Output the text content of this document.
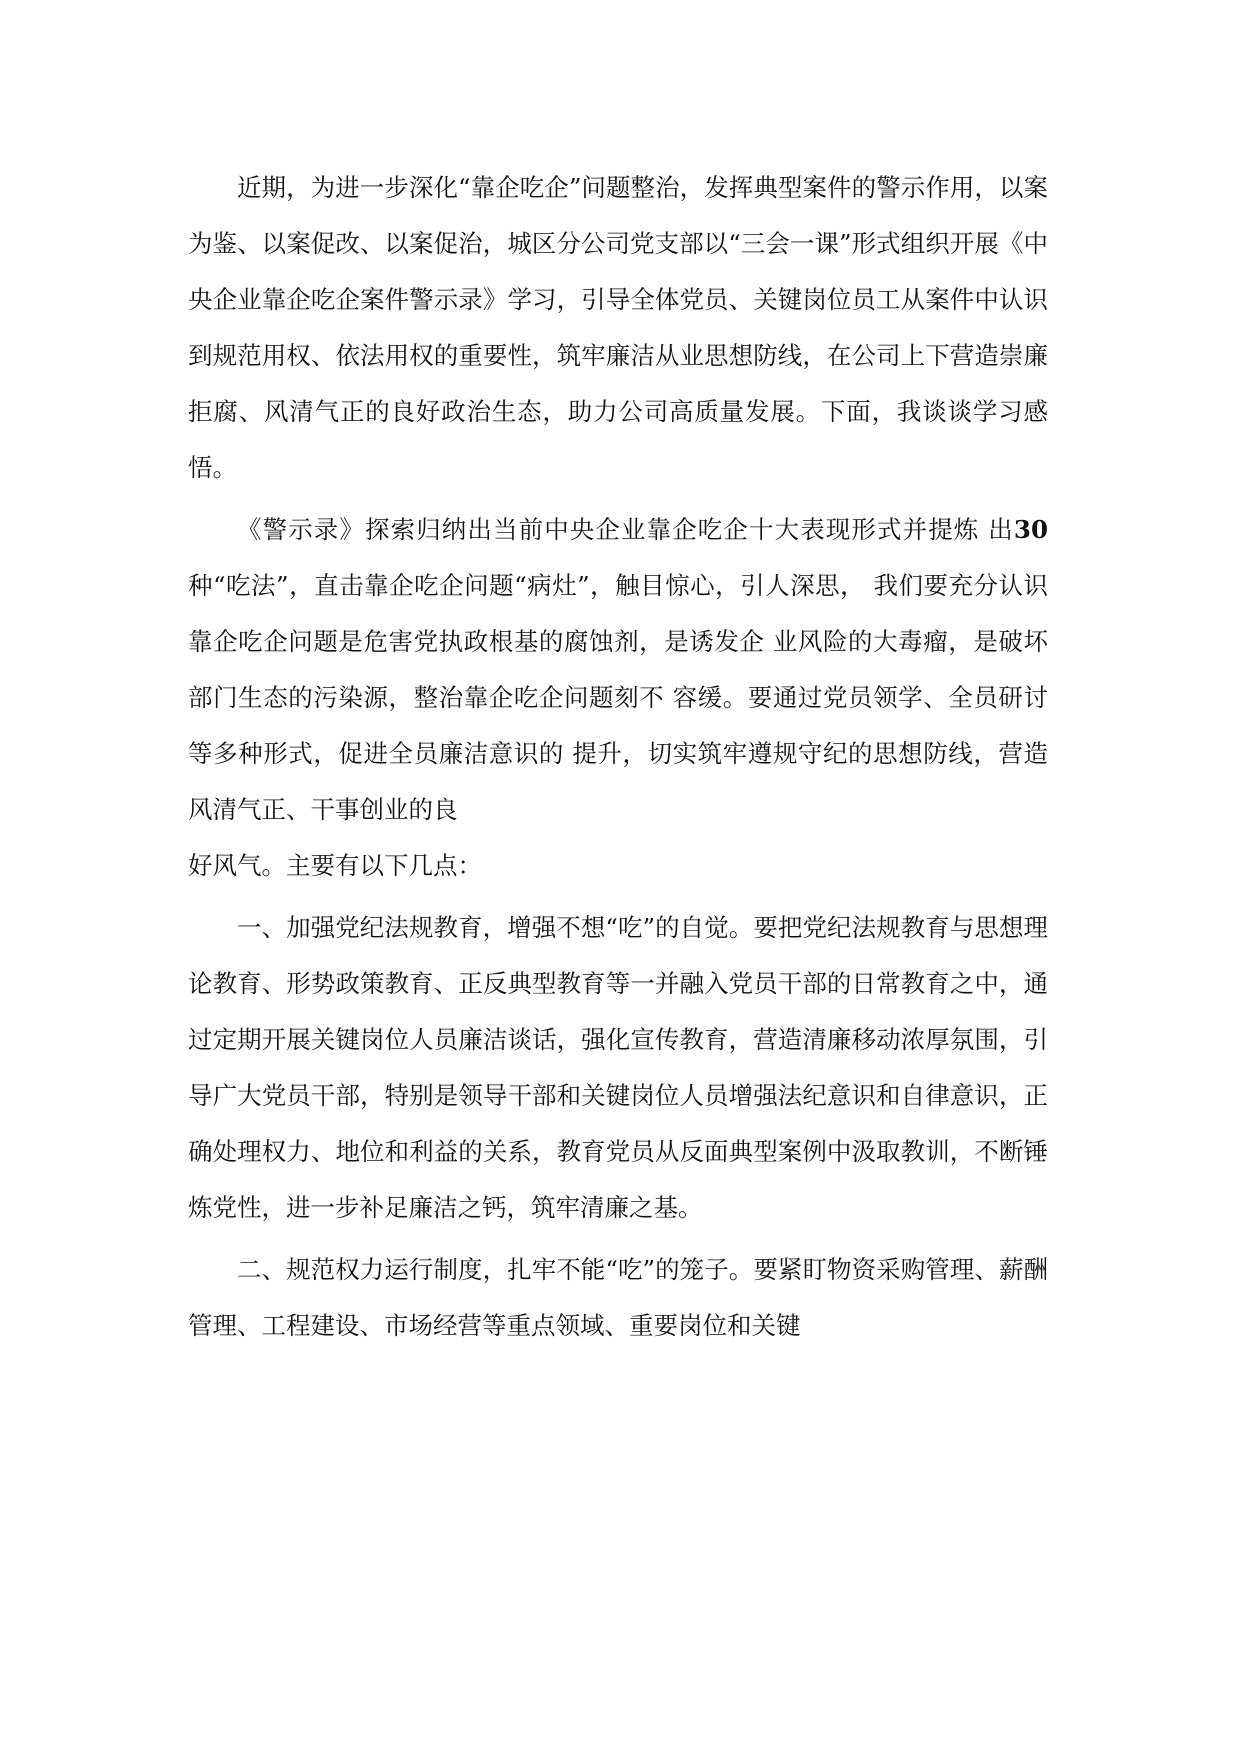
近期，为进一步深化“靠企吃企”问题整治，发挥典型案件的警示作用，以案为鉴、以案促改、以案促治，城区分公司党支部以“三会一课”形式组织开展《中央企业靠企吃企案件警示录》学习，引导全体党员、关键岗位员工从案件中认识到规范用权、依法用权的重要性，筑牢廉洁从业思想防线，在公司上下营造崇廉拒腐、风清气正的良好政治生态，助力公司高质量发展。下面，我谈谈学习感悟。

《警示录》探索归纳出当前中央企业靠企吃企十大表现形式并提炼 出30 种“吃法”，直击靠企吃企问题“病灶”，触目惊心，引人深思， 我们要充分认识靠企吃企问题是危害党执政根基的腐蚀剂，是诱发企 业风险的大毒瘤，是破坏部门生态的污染源，整治靠企吃企问题刻不 容缓。要通过党员领学、全员研讨等多种形式，促进全员廉洁意识的 提升，切实筑牢遵规守纪的思想防线，营造风清气正、干事创业的良

好风气。主要有以下几点：

一、加强党纪法规教育，增强不想“吃”的自觉。要把党纪法规教育与思想理论教育、形势政策教育、正反典型教育等一并融入党员干部的日常教育之中，通过定期开展关键岗位人员廉洁谈话，强化宣传教育，营造清廉移动浓厚氛围，引导广大党员干部，特别是领导干部和关键岗位人员增强法纪意识和自律意识，正确处理权力、地位和利益的关系，教育党员从反面典型案例中汲取教训，不断锤炼党性，进一步补足廉洁之钙，筑牢清廉之基。

二、规范权力运行制度，扎牢不能“吃”的笼子。要紧盯物资采购管理、薪酬管理、工程建设、市场经营等重点领域、重要岗位和关键
